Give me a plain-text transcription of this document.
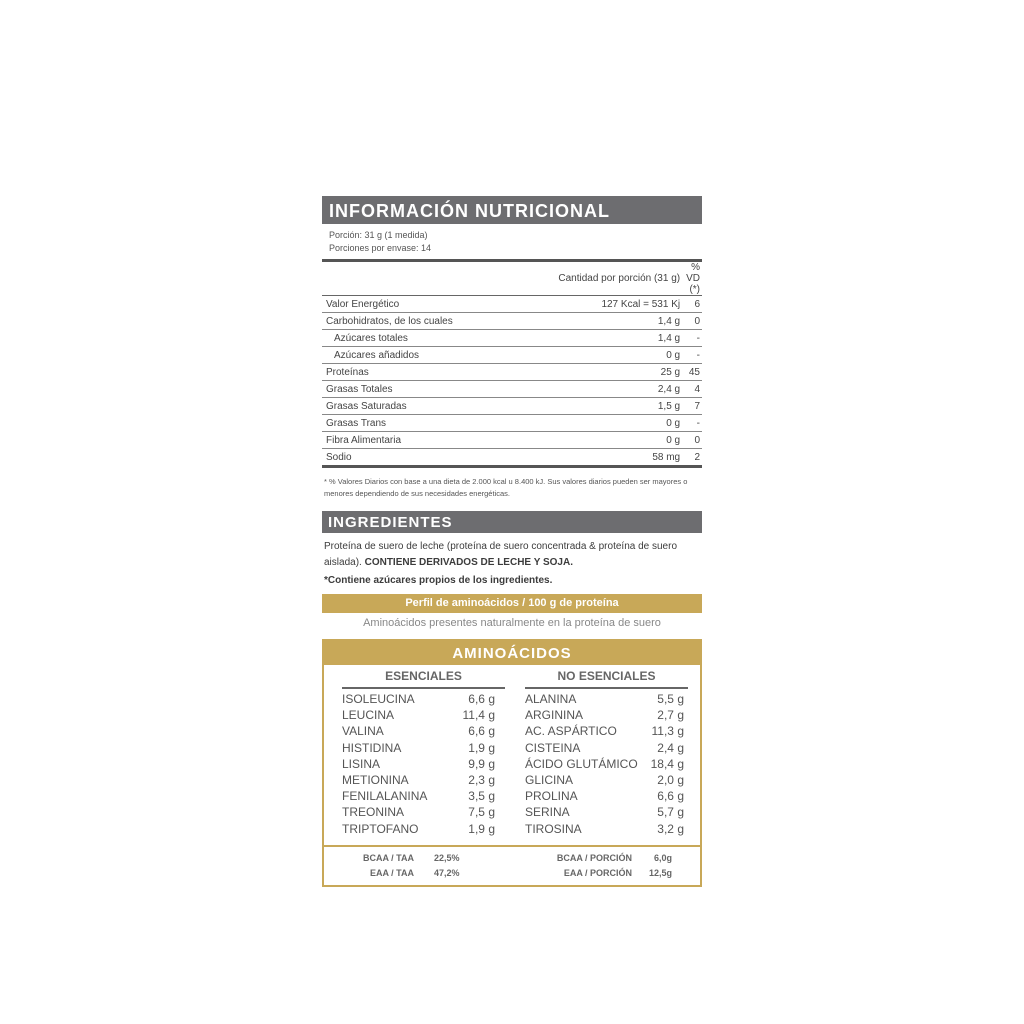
INFORMACIÓN NUTRICIONAL
Porción: 31 g (1 medida)
Porciones por envase: 14
	Cantidad por porción (31 g)	% VD (*)
Valor Energético	127 Kcal = 531 Kj	6
Carbohidratos, de los cuales	1,4 g	0
Azúcares totales	1,4 g	-
Azúcares añadidos	0 g	-
Proteínas	25 g	45
Grasas Totales	2,4 g	4
Grasas Saturadas	1,5 g	7
Grasas Trans	0 g	-
Fibra Alimentaria	0 g	0
Sodio	58 mg	2
* % Valores Diarios con base a una dieta de 2.000 kcal u 8.400 kJ. Sus valores diarios pueden ser mayores o menores dependiendo de sus necesidades energéticas.
INGREDIENTES
Proteína de suero de leche (proteína de suero concentrada & proteína de suero aislada). CONTIENE DERIVADOS DE LECHE Y SOJA.
*Contiene azúcares propios de los ingredientes.
Perfil de aminoácidos / 100 g de proteína
Aminoácidos presentes naturalmente en la proteína de suero
AMINOÁCIDOS
ESENCIALES
ISOLEUCINA	6,6 g
LEUCINA	11,4 g
VALINA	6,6 g
HISTIDINA	1,9 g
LISINA	9,9 g
METIONINA	2,3 g
FENILALANINA	3,5 g
TREONINA	7,5 g
TRIPTOFANO	1,9 g
NO ESENCIALES
ALANINA	5,5 g
ARGININA	2,7 g
AC. ASPÁRTICO	11,3 g
CISTEINA	2,4 g
ÁCIDO GLUTÁMICO 18,4 g
GLICINA	2,0 g
PROLINA	6,6 g
SERINA	5,7 g
TIROSINA	3,2 g
BCAA / TAA	22,5%	BCAA / PORCIÓN	6,0g
EAA / TAA	47,2%	EAA / PORCIÓN	12,5g
